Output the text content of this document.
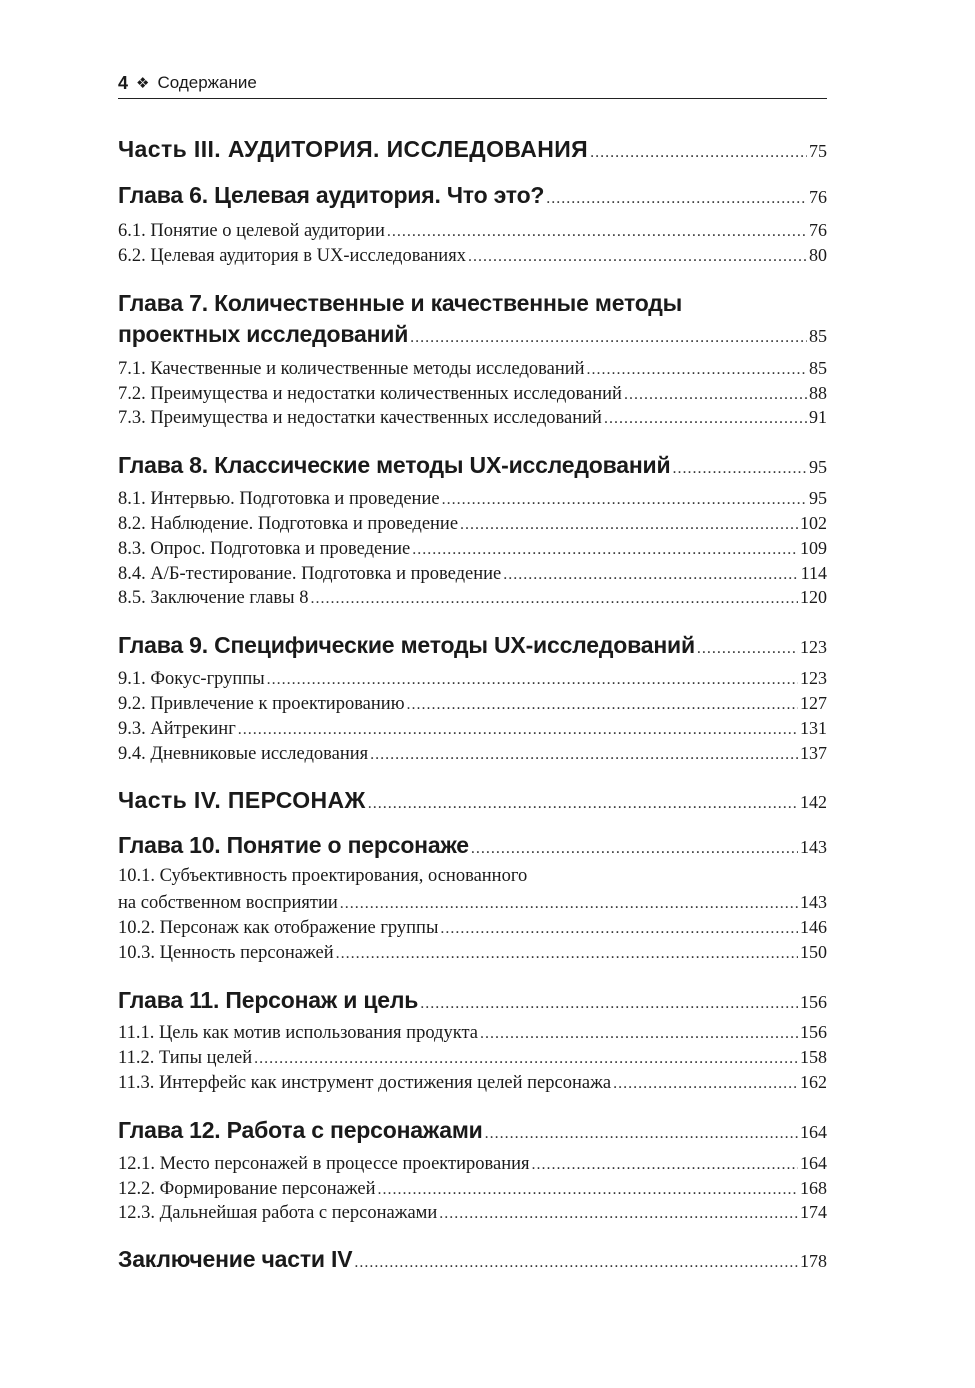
4 ❖ Содержание
Часть III. АУДИТОРИЯ. ИССЛЕДОВАНИЯ .....	75
Глава 6. Целевая аудитория. Что это? .....	76
6.1. Понятие о целевой аудитории .....	76
6.2. Целевая аудитория в UX-исследованиях .....	80
Глава 7. Количественные и качественные методы
проектных исследований .....	85
7.1. Качественные и количественные методы исследований .....	85
7.2. Преимущества и недостатки количественных исследований .....	88
7.3. Преимущества и недостатки качественных исследований .....	91
Глава 8. Классические методы UX-исследований .....	95
8.1. Интервью. Подготовка и проведение .....	95
8.2. Наблюдение. Подготовка и проведение .....	102
8.3. Опрос. Подготовка и проведение .....	109
8.4. А/Б-тестирование. Подготовка и проведение .....	114
8.5. Заключение главы 8 .....	120
Глава 9. Специфические методы UX-исследований .....	123
9.1. Фокус-группы .....	123
9.2. Привлечение к проектированию .....	127
9.3. Айтрекинг .....	131
9.4. Дневниковые исследования .....	137
Часть IV. ПЕРСОНАЖ .....	142
Глава 10. Понятие о персонаже .....	143
10.1. Субъективность проектирования, основанного
на собственном восприятии .....	143
10.2. Персонаж как отображение группы .....	146
10.3. Ценность персонажей .....	150
Глава 11. Персонаж и цель .....	156
11.1. Цель как мотив использования продукта .....	156
11.2. Типы целей .....	158
11.3. Интерфейс как инструмент достижения целей персонажа .....	162
Глава 12. Работа с персонажами .....	164
12.1. Место персонажей в процессе проектирования .....	164
12.2. Формирование персонажей .....	168
12.3. Дальнейшая работа с персонажами .....	174
Заключение части IV .....	178
